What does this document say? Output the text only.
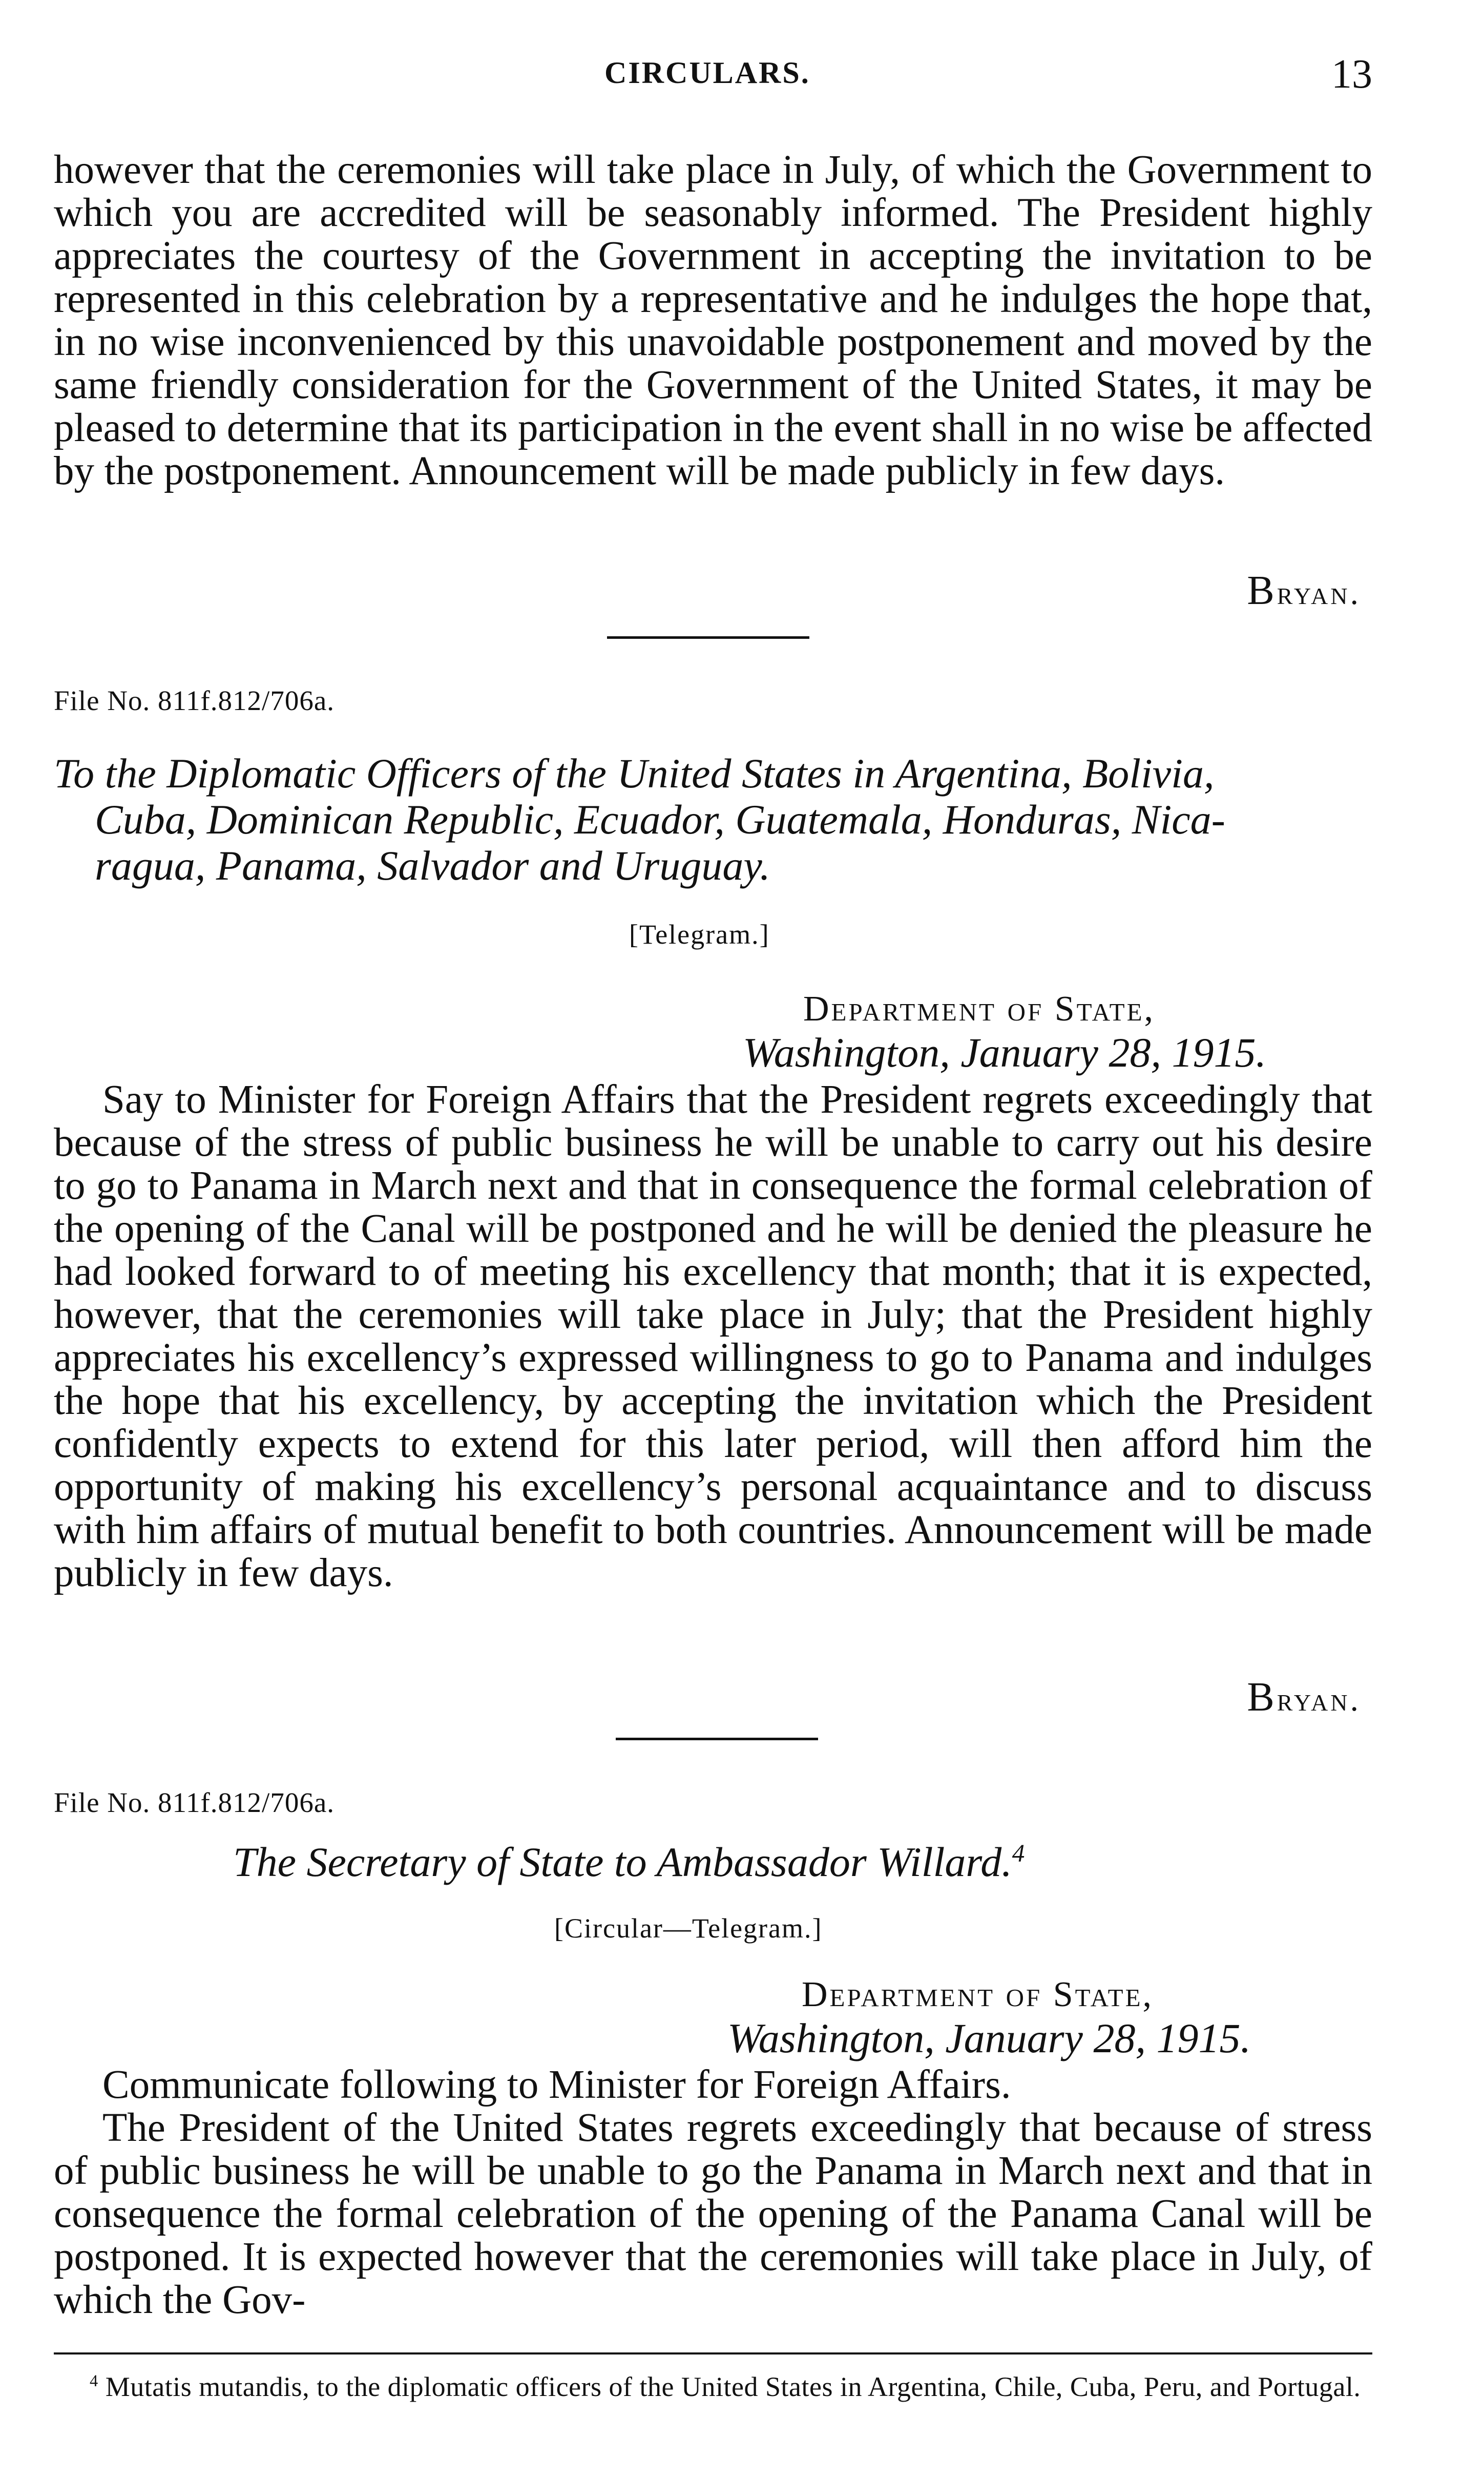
CIRCULARS.	13

however that the ceremonies will take place in July, of which the Government to which you are accredited will be seasonably informed. The President highly appreciates the courtesy of the Government in accepting the invitation to be represented in this celebration by a representative and he indulges the hope that, in no wise inconvenienced by this unavoidable postponement and moved by the same friendly consideration for the Government of the United States, it may be pleased to determine that its participation in the event shall in no wise be affected by the postponement. Announcement will be made publicly in few days.

Bryan.
File No. 811f.812/706a.
To the Diplomatic Officers of the United States in Argentina, Bolivia,
Cuba, Dominican Republic, Ecuador, Guatemala, Honduras, Nica-
ragua, Panama, Salvador and Uruguay.
[Telegram.]
Department of State,
Washington, January 28, 1915.

Say to Minister for Foreign Affairs that the President regrets exceedingly that because of the stress of public business he will be unable to carry out his desire to go to Panama in March next and that in consequence the formal celebration of the opening of the Canal will be postponed and he will be denied the pleasure he had looked forward to of meeting his excellency that month; that it is expected, however, that the ceremonies will take place in July; that the President highly appreciates his excellency’s expressed willingness to go to Panama and indulges the hope that his excellency, by accepting the invitation which the President confidently expects to extend for this later period, will then afford him the opportunity of making his excellency’s personal acquaintance and to discuss with him affairs of mutual benefit to both countries. Announcement will be made publicly in few days.

Bryan.
File No. 811f.812/706a.
The Secretary of State to Ambassador Willard.$^4$
[Circular—Telegram.]
Department of State,
Washington, January 28, 1915.

Communicate following to Minister for Foreign Affairs.

The President of the United States regrets exceedingly that because of stress of public business he will be unable to go the Panama in March next and that in consequence the formal celebration of the opening of the Panama Canal will be postponed. It is expected however that the ceremonies will take place in July, of which the Gov-

$^4$ Mutatis mutandis, to the diplomatic officers of the United States in Argentina, Chile, Cuba, Peru, and Portugal.
